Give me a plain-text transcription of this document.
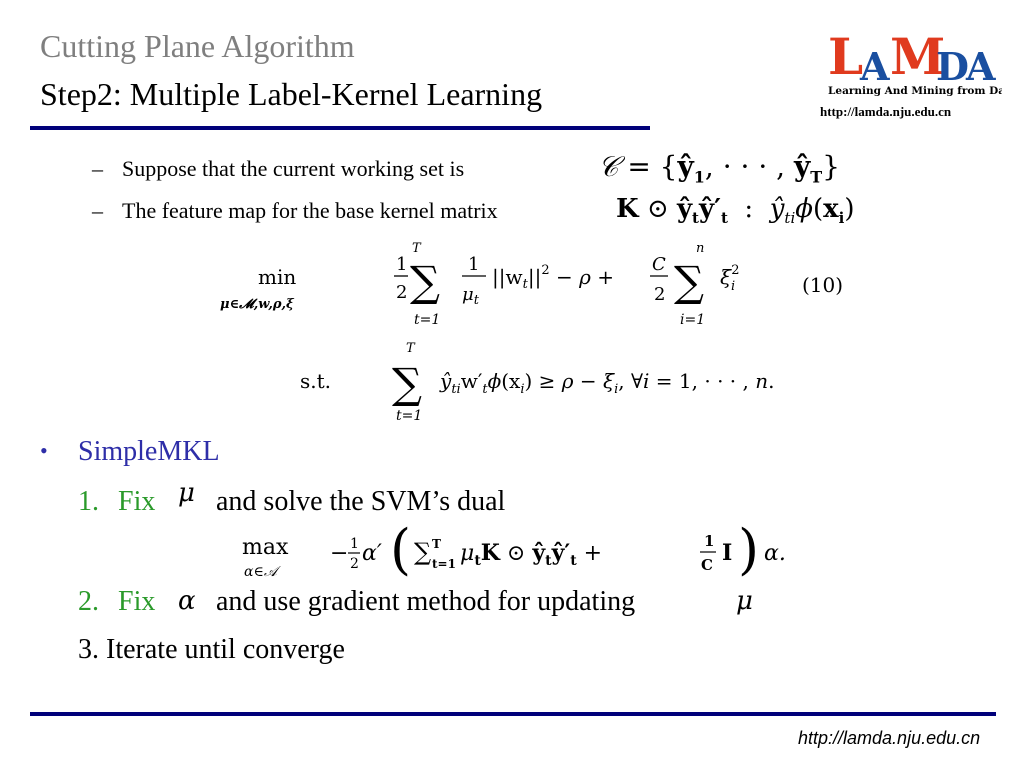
Cutting Plane Algorithm
Step2: Multiple Label-Kernel Learning
L
A M
D
A
Learning And Mining from DatA
http://lamda.nju.edu.cn
– Suppose that the current working set is	𝒞 = {$ŷ_1$, · · · , $ŷ_T$}
– The feature map for the base kernel matrix	K ⊙ $ŷ_tŷ'_t$  :  $ŷ_{ti}\phi(x_i)$
min
μ∈𝓜,w,ρ,ξ
1
2
T
∑
t=1
1
$\mu_t$
$||w_t||^2 - \rho$ +
C
2
n
∑
i=1
$\xi_i2$
(10)
s.t.
T
∑
t=1
$ŷ_{ti}w'_t\phi(x_i) \ge \rho - \xi_i$, ∀i = 1, · · · , n.
• SimpleMKL
1. Fix μ and solve the SVM’s dual
max
α∈𝒜
− 1
2 α′ ( ∑ T
t=1 $\mu_tK$ ⊙ $ŷ_tŷ'_t$ +	1
C I ) α.
2. Fix α and use gradient method for updating	μ
3. Iterate until converge
http://lamda.nju.edu.cn
